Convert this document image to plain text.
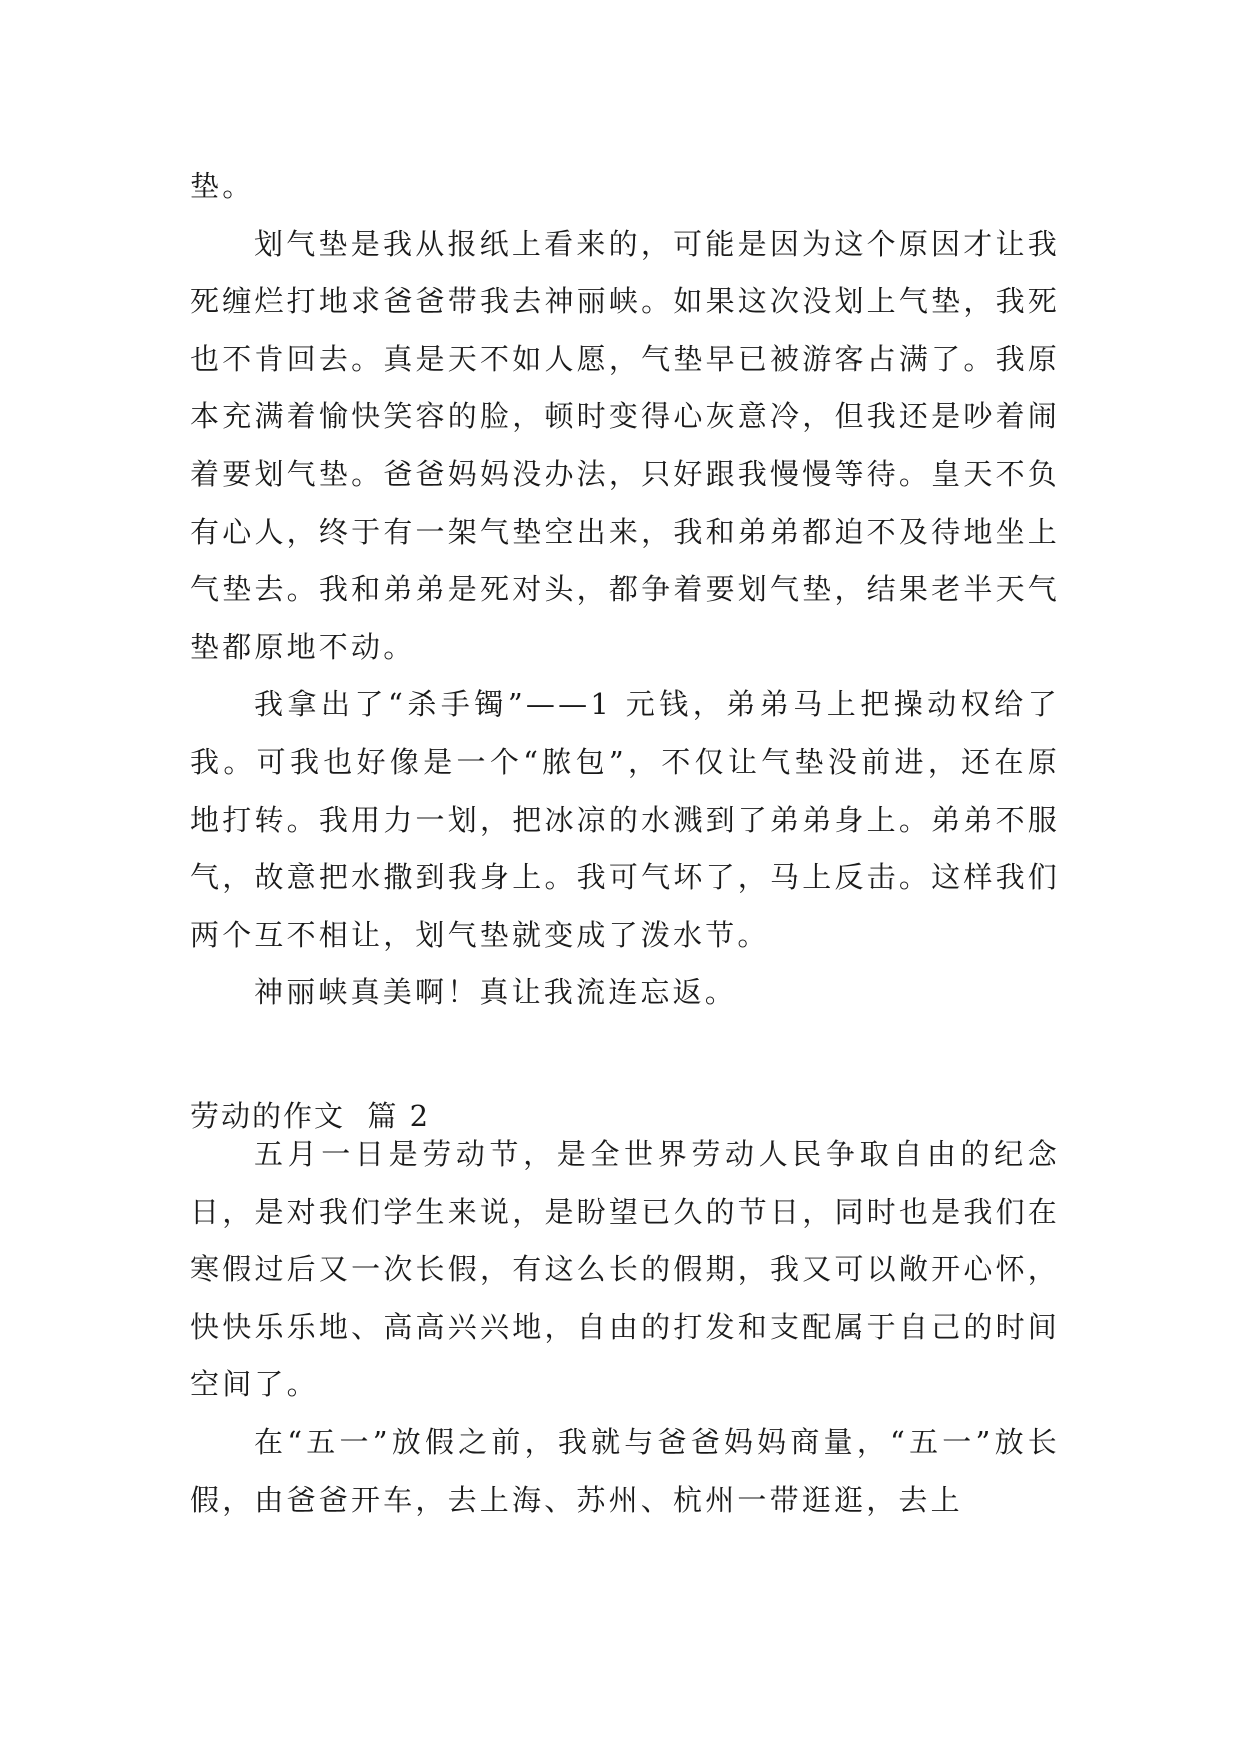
垫。

划气垫是我从报纸上看来的，可能是因为这个原因才让我死缠烂打地求爸爸带我去神丽峡。如果这次没划上气垫，我死也不肯回去。真是天不如人愿，气垫早已被游客占满了。我原本充满着愉快笑容的脸，顿时变得心灰意冷，但我还是吵着闹着要划气垫。爸爸妈妈没办法，只好跟我慢慢等待。皇天不负有心人，终于有一架气垫空出来，我和弟弟都迫不及待地坐上气垫去。我和弟弟是死对头，都争着要划气垫，结果老半天气垫都原地不动。

我拿出了“杀手镯”——1 元钱，弟弟马上把操动权给了我。可我也好像是一个“脓包”，不仅让气垫没前进，还在原地打转。我用力一划，把冰凉的水溅到了弟弟身上。弟弟不服气，故意把水撒到我身上。我可气坏了，马上反击。这样我们两个互不相让，划气垫就变成了泼水节。

神丽峡真美啊！真让我流连忘返。

劳动的作文  篇 2

五月一日是劳动节，是全世界劳动人民争取自由的纪念日，是对我们学生来说，是盼望已久的节日，同时也是我们在寒假过后又一次长假，有这么长的假期，我又可以敞开心怀，快快乐乐地、高高兴兴地，自由的打发和支配属于自己的时间空间了。

在“五一”放假之前，我就与爸爸妈妈商量，“五一”放长假，由爸爸开车，去上海、苏州、杭州一带逛逛，去上
